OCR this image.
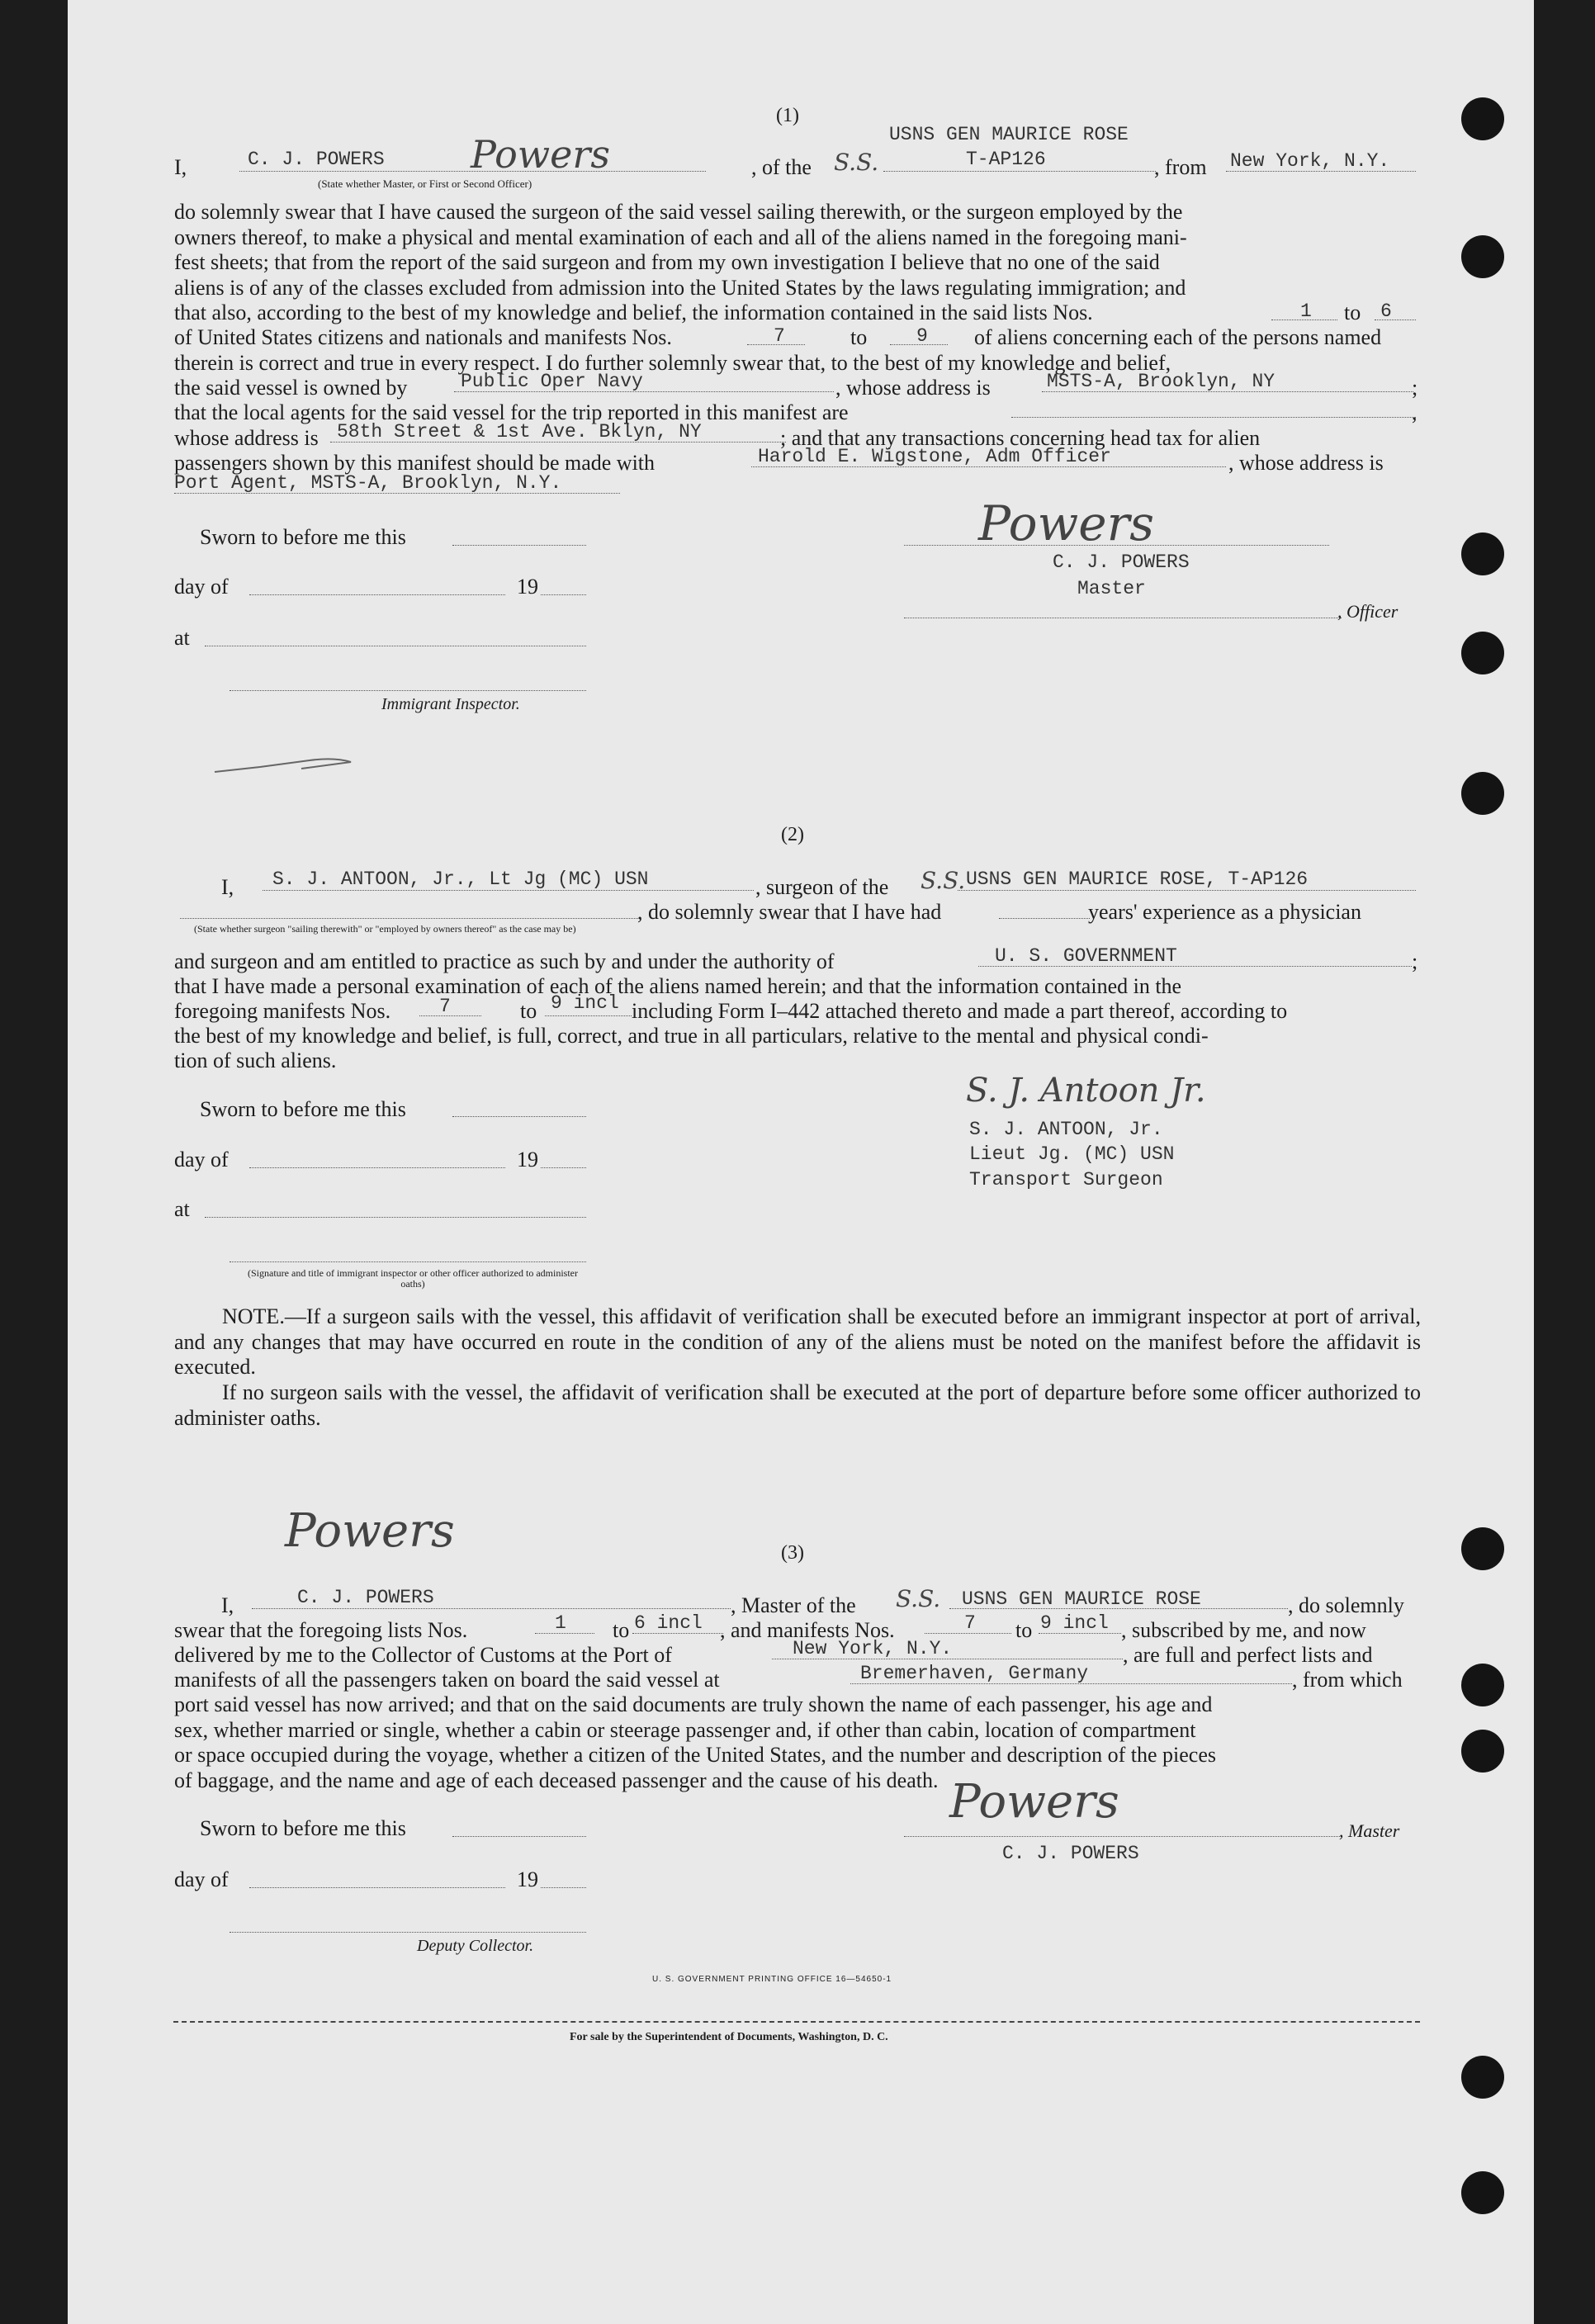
(1)
I,	C. J. POWERS Powers
(State whether Master, or First or Second Officer)
, of the S.S.
USNS GEN MAURICE ROSE
T-AP126	, from New York, N.Y.
do solemnly swear that I have caused the surgeon of the said vessel sailing therewith, or the surgeon employed by the
owners thereof, to make a physical and mental examination of each and all of the aliens named in the foregoing mani-
fest sheets; that from the report of the said surgeon and from my own investigation I believe that no one of the said
aliens is of any of the classes excluded from admission into the United States by the laws regulating immigration; and
that also, according to the best of my knowledge and belief, the information contained in the said lists Nos.	1 to 6
of United States citizens and nationals and manifests Nos.	7	to	9 of aliens concerning each of the persons named
therein is correct and true in every respect. I do further solemnly swear that, to the best of my knowledge and belief,
the said vessel is owned by	Public Oper Navy	, whose address is	MSTS-A, Brooklyn, NY	;
that the local agents for the said vessel for the trip reported in this manifest are	,
whose address is 58th Street & 1st Ave. Bklyn, NY	; and that any transactions concerning head tax for alien
passengers shown by this manifest should be made with	Harold E. Wigstone, Adm Officer	, whose address is
Port Agent, MSTS-A, Brooklyn, N.Y.
Sworn to before me this
day of	19
at
Immigrant Inspector.
Powers
C. J. POWERS
Master
, Officer
(2)
I, S. J. ANTOON, Jr., Lt Jg (MC) USN	, surgeon of the S.S. USNS GEN MAURICE ROSE, T-AP126
, do solemnly swear that I have had	years' experience as a physician
(State whether surgeon "sailing therewith" or "employed by owners thereof" as the case may be)
and surgeon and am entitled to practice as such by and under the authority of	U. S. GOVERNMENT	;
that I have made a personal examination of each of the aliens named herein; and that the information contained in the
foregoing manifests Nos.	7	to 9 incl including Form I–442 attached thereto and made a part thereof, according to
the best of my knowledge and belief, is full, correct, and true in all particulars, relative to the mental and physical condi-
tion of such aliens.
Sworn to before me this
day of	19
at
(Signature and title of immigrant inspector or other officer authorized to administer oaths)
S. J. Antoon Jr.
S. J. ANTOON, Jr.
Lieut Jg. (MC) USN
Transport Surgeon
NOTE.—If a surgeon sails with the vessel, this affidavit of verification shall be executed before an immigrant inspector at port of arrival, and any changes that may have occurred en route in the condition of any of the aliens must be noted on the manifest before the affidavit is executed.
If no surgeon sails with the vessel, the affidavit of verification shall be executed at the port of departure before some officer authorized to administer oaths.
(3)
Powers
I,	C. J. POWERS	, Master of the S.S. USNS GEN MAURICE ROSE	, do solemnly
swear that the foregoing lists Nos.	1 to 6 incl , and manifests Nos.	7 to 9 incl , subscribed by me, and now
delivered by me to the Collector of Customs at the Port of	New York, N.Y.	, are full and perfect lists and
manifests of all the passengers taken on board the said vessel at	Bremerhaven, Germany	, from which
port said vessel has now arrived; and that on the said documents are truly shown the name of each passenger, his age and
sex, whether married or single, whether a cabin or steerage passenger and, if other than cabin, location of compartment
or space occupied during the voyage, whether a citizen of the United States, and the number and description of the pieces
of baggage, and the name and age of each deceased passenger and the cause of his death.
Sworn to before me this
day of	19
Deputy Collector.
Powers
, Master
C. J. POWERS
U. S. GOVERNMENT PRINTING OFFICE 16—54650-1
For sale by the Superintendent of Documents, Washington, D. C.
